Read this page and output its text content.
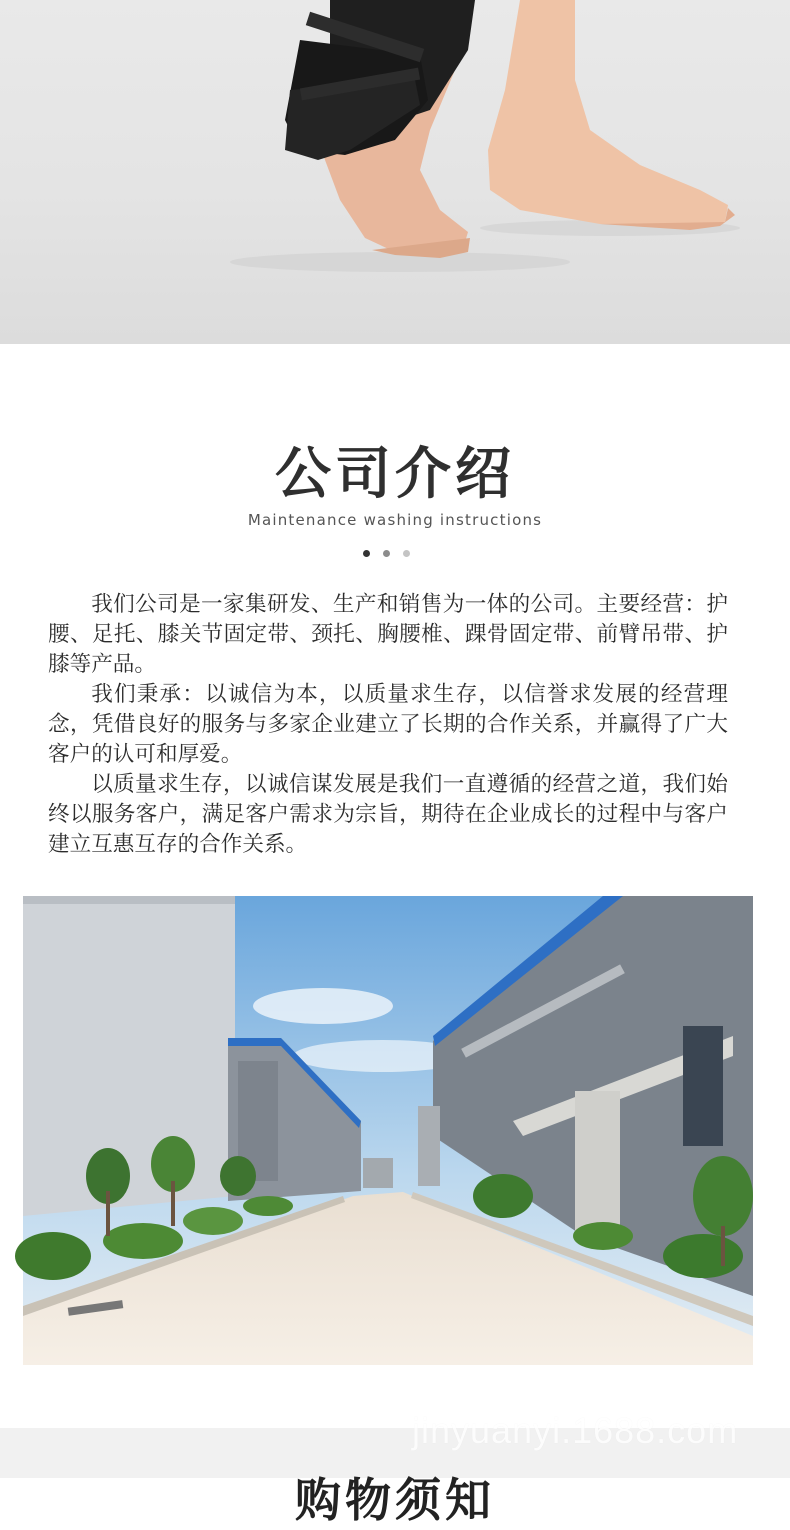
公司介绍
Maintenance washing instructions

我们公司是一家集研发、生产和销售为一体的公司。主要经营：护腰、足托、膝关节固定带、颈托、胸腰椎、踝骨固定带、前臂吊带、护膝等产品。

我们秉承：以诚信为本，以质量求生存，以信誉求发展的经营理念，凭借良好的服务与多家企业建立了长期的合作关系，并赢得了广大客户的认可和厚爱。

以质量求生存，以诚信谋发展是我们一直遵循的经营之道，我们始终以服务客户，满足客户需求为宗旨，期待在企业成长的过程中与客户建立互惠互存的合作关系。

购物须知
jinyuanyi.1688.com
